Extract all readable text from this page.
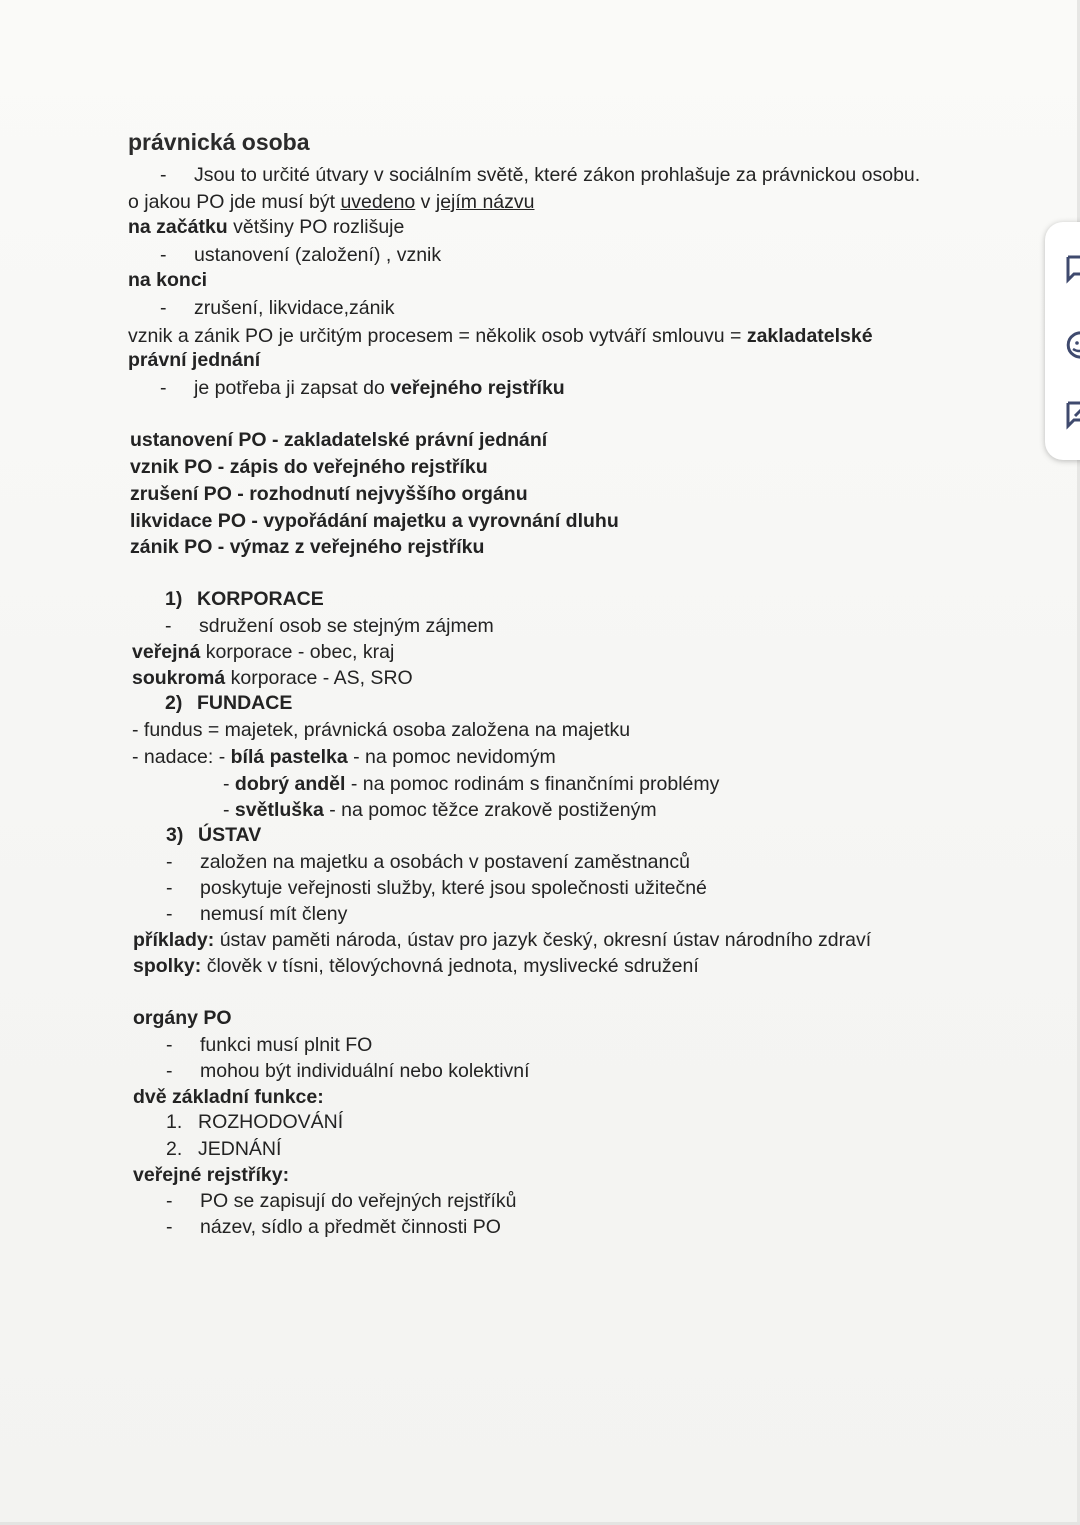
právnická osoba
- Jsou to určité útvary v sociálním světě, které zákon prohlašuje za právnickou osobu.
o jakou PO jde musí být uvedeno v jejím názvu
na začátku většiny PO rozlišuje
- ustanovení (založení) , vznik
na konci
- zrušení, likvidace,zánik
vznik a zánik PO je určitým procesem = několik osob vytváří smlouvu = zakladatelské
právní jednání
- je potřeba ji zapsat do veřejného rejstříku
ustanovení PO - zakladatelské právní jednání
vznik PO - zápis do veřejného rejstříku
zrušení PO - rozhodnutí nejvyššího orgánu
likvidace PO - vypořádání majetku a vyrovnání dluhu
zánik PO - výmaz z veřejného rejstříku
1) KORPORACE
- sdružení osob se stejným zájmem
veřejná korporace - obec, kraj
soukromá korporace - AS, SRO
2) FUNDACE
- fundus = majetek, právnická osoba založena na majetku
- nadace: - bílá pastelka - na pomoc nevidomým
- dobrý anděl - na pomoc rodinám s finančními problémy
- světluška - na pomoc těžce zrakově postiženým
3) ÚSTAV
- založen na majetku a osobách v postavení zaměstnanců
- poskytuje veřejnosti služby, které jsou společnosti užitečné
- nemusí mít členy
příklady: ústav paměti národa, ústav pro jazyk český, okresní ústav národního zdraví
spolky: člověk v tísni, tělovýchovná jednota, myslivecké sdružení
orgány PO
- funkci musí plnit FO
- mohou být individuální nebo kolektivní
dvě základní funkce:
1. ROZHODOVÁNÍ
2. JEDNÁNÍ
veřejné rejstříky:
- PO se zapisují do veřejných rejstříků
- název, sídlo a předmět činnosti PO
